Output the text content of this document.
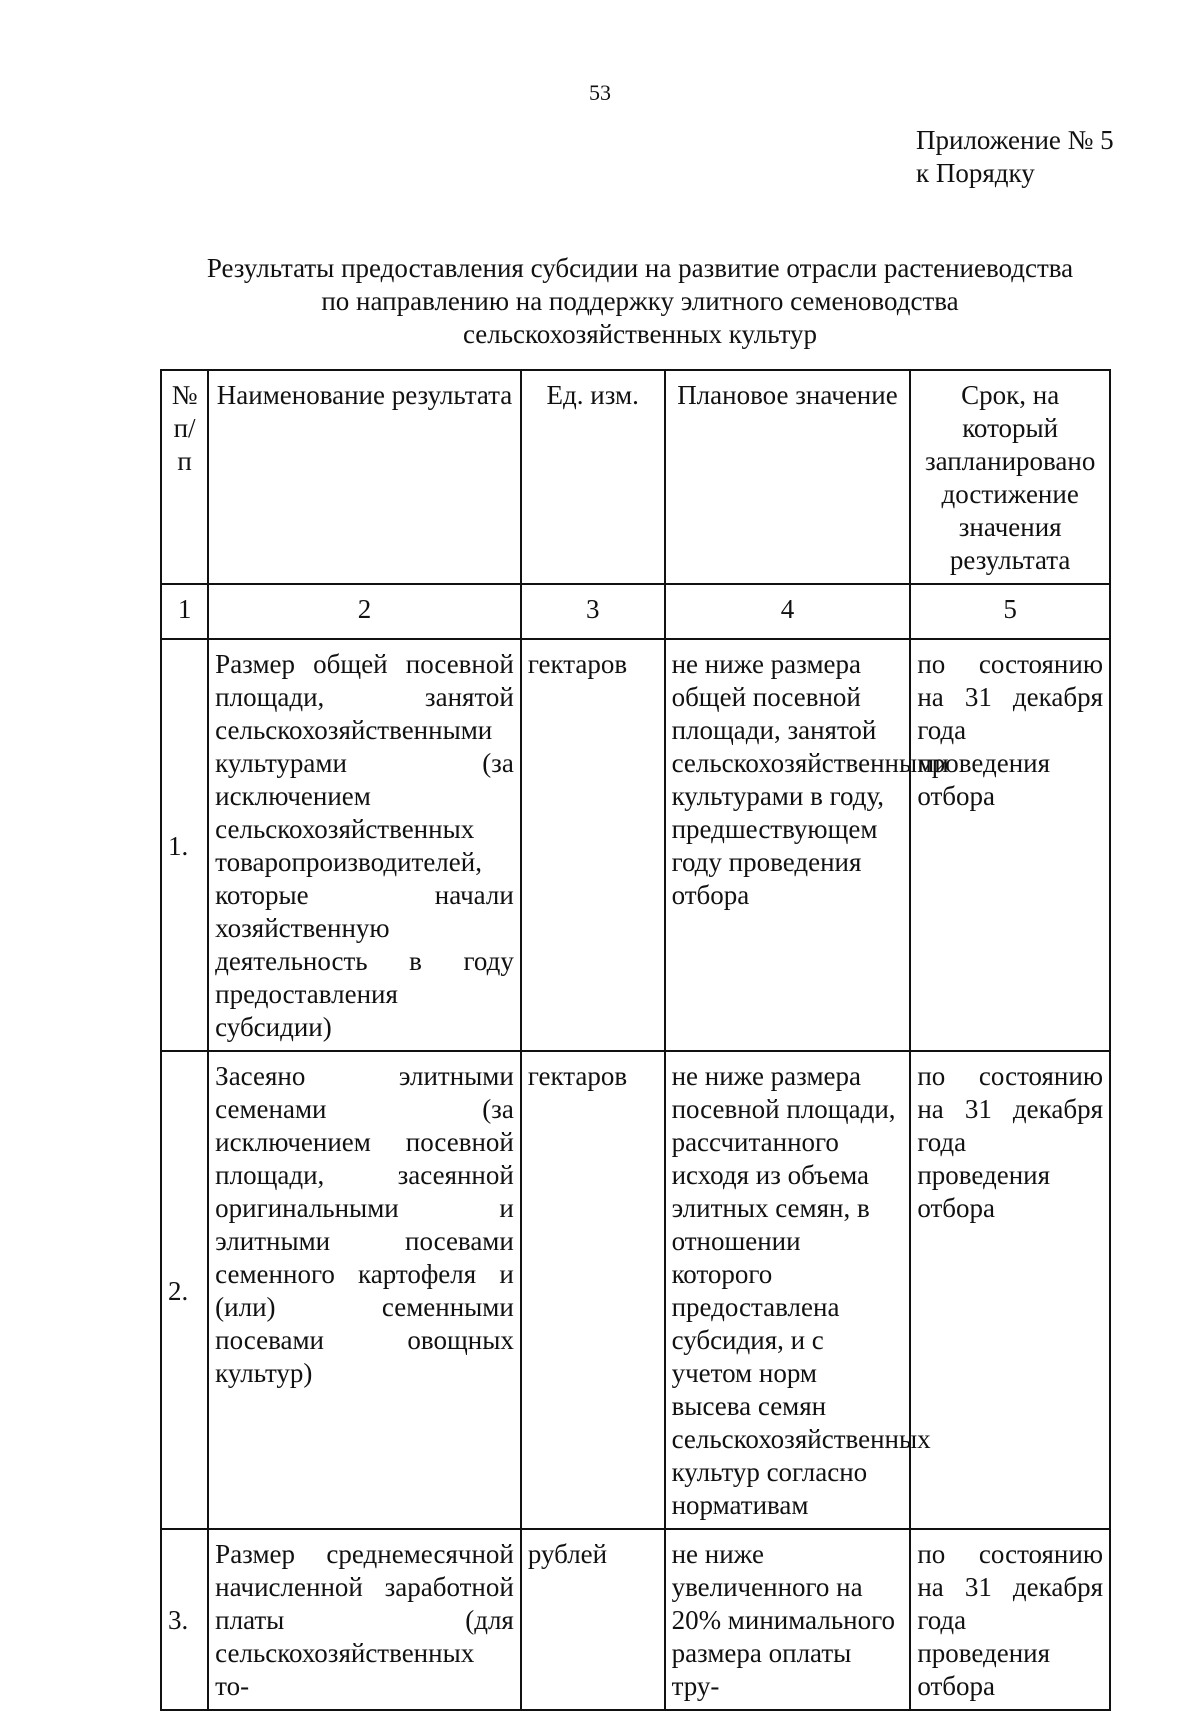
53
Приложение № 5
к Порядку
Результаты предоставления субсидии на развитие отрасли растениеводства
по направлению на поддержку элитного семеноводства
сельскохозяйственных культур
№ п/п	Наименование результата	Ед. изм.	Плановое значение	Срок, на который запланировано достижение значения результата
1	2	3	4	5
1.	Размер общей посевной площади, занятой сельскохозяйственными культурами (за исключением сельскохозяйственных товаропроизводителей, которые начали хозяйственную деятельность в году предоставления субсидии)	гектаров	не ниже размера общей посевной площади, занятой сельскохозяйственными культурами в году, предшествующем году проведения отбора	по состоянию на 31 декабря года проведения отбора
2.	Засеяно элитными семенами (за исключением посевной площади, засеянной оригинальными и элитными посевами семенного картофеля и (или) семенными посевами овощных культур)	гектаров	не ниже размера посевной площади, рассчитанного исходя из объема элитных семян, в отношении которого предоставлена субсидия, и с учетом норм высева семян сельскохозяйственных культур согласно нормативам	по состоянию на 31 декабря года проведения отбора
3.	Размер среднемесячной начисленной заработной платы (для сельскохозяйственных то-	рублей	не ниже увеличенного на 20% минимального размера оплаты тру-	по состоянию на 31 декабря года проведения отбора
